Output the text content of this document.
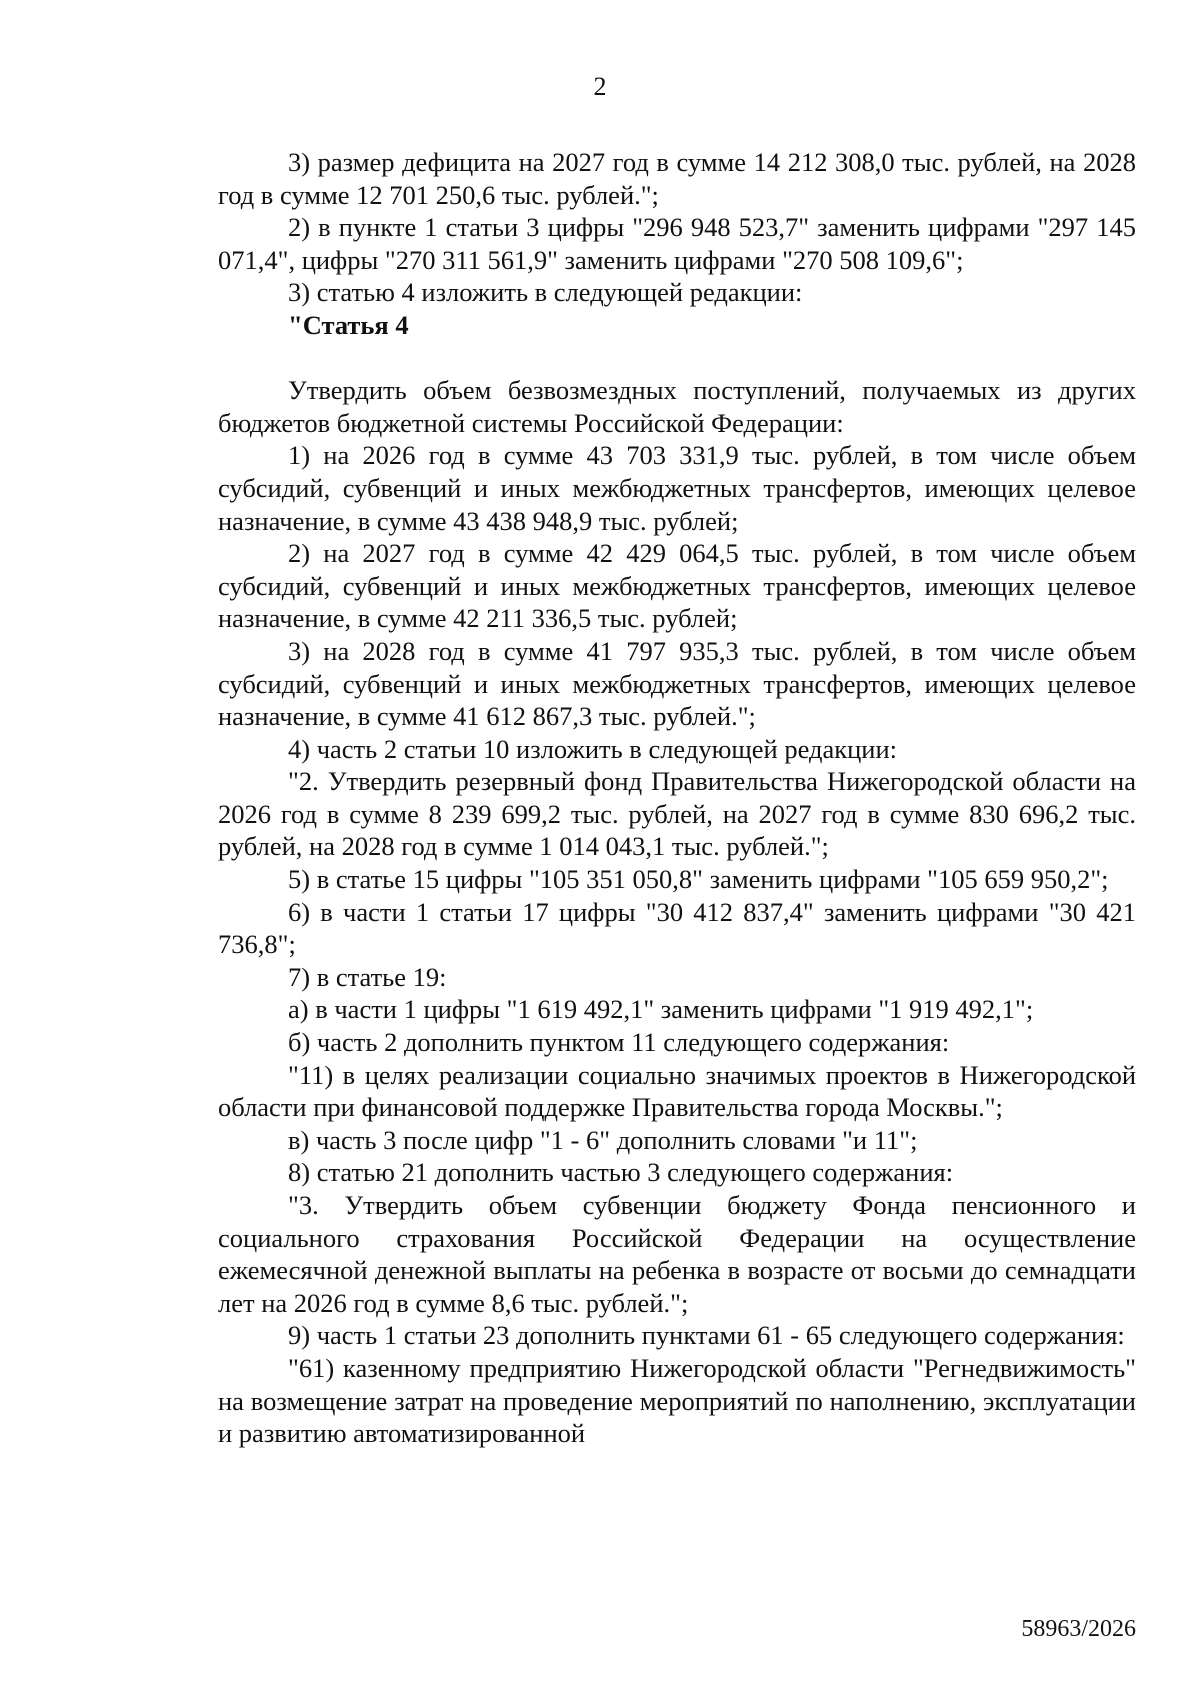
2

3) размер дефицита на 2027 год в сумме 14 212 308,0 тыс. рублей, на 2028 год в сумме 12 701 250,6 тыс. рублей.";

2) в пункте 1 статьи 3 цифры "296 948 523,7" заменить цифрами "297 145 071,4", цифры "270 311 561,9" заменить цифрами "270 508 109,6";

3) статью 4 изложить в следующей редакции:

"Статья 4

Утвердить объем безвозмездных поступлений, получаемых из других бюджетов бюджетной системы Российской Федерации:

1) на 2026 год в сумме 43 703 331,9 тыс. рублей, в том числе объем субсидий, субвенций и иных межбюджетных трансфертов, имеющих целевое назначение, в сумме 43 438 948,9 тыс. рублей;

2) на 2027 год в сумме 42 429 064,5 тыс. рублей, в том числе объем субсидий, субвенций и иных межбюджетных трансфертов, имеющих целевое назначение, в сумме 42 211 336,5 тыс. рублей;

3) на 2028 год в сумме 41 797 935,3 тыс. рублей, в том числе объем субсидий, субвенций и иных межбюджетных трансфертов, имеющих целевое назначение, в сумме 41 612 867,3 тыс. рублей.";

4) часть 2 статьи 10 изложить в следующей редакции:

"2. Утвердить резервный фонд Правительства Нижегородской области на 2026 год в сумме 8 239 699,2 тыс. рублей, на 2027 год в сумме 830 696,2 тыс. рублей, на 2028 год в сумме 1 014 043,1 тыс. рублей.";

5) в статье 15 цифры "105 351 050,8" заменить цифрами "105 659 950,2";

6) в части 1 статьи 17 цифры "30 412 837,4" заменить цифрами "30 421 736,8";

7) в статье 19:

а) в части 1 цифры "1 619 492,1" заменить цифрами "1 919 492,1";

б) часть 2 дополнить пунктом 11 следующего содержания:

"11) в целях реализации социально значимых проектов в Нижегородской области при финансовой поддержке Правительства города Москвы.";

в) часть 3 после цифр "1 - 6" дополнить словами "и 11";

8) статью 21 дополнить частью 3 следующего содержания:

"3. Утвердить объем субвенции бюджету Фонда пенсионного и социального страхования Российской Федерации на осуществление ежемесячной денежной выплаты на ребенка в возрасте от восьми до семнадцати лет на 2026 год в сумме 8,6 тыс. рублей.";

9) часть 1 статьи 23 дополнить пунктами 61 - 65 следующего содержания:

"61) казенному предприятию Нижегородской области "Регнедвижимость" на возмещение затрат на проведение мероприятий по наполнению, эксплуатации и развитию автоматизированной

58963/2026
